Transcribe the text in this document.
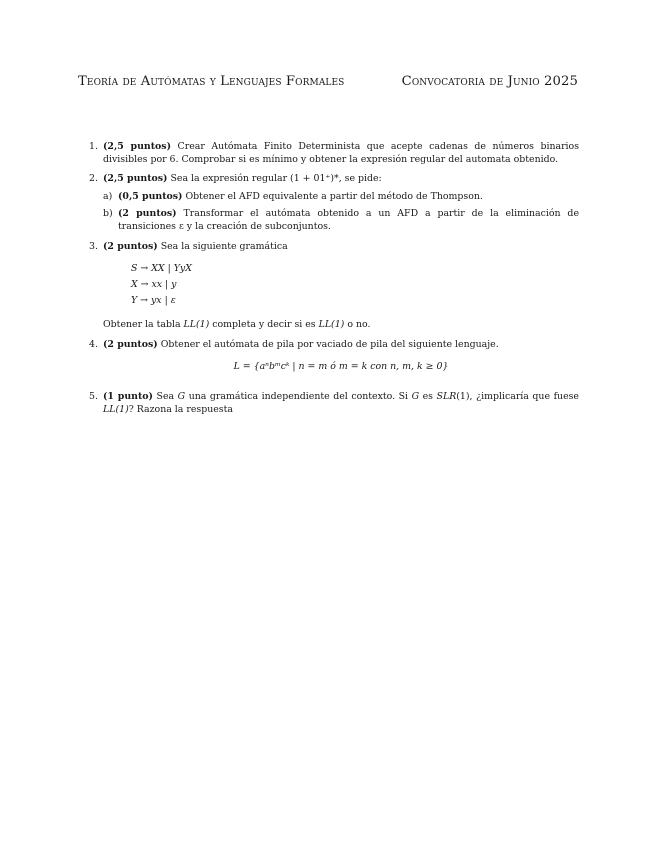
Teoría de Autómatas y Lenguajes Formales	Convocatoria de Junio 2025
1. (2,5 puntos) Crear Autómata Finito Determinista que acepte cadenas de números binarios divisibles por 6. Comprobar si es mínimo y obtener la expresión regular del automata obtenido.
2. (2,5 puntos) Sea la expresión regular (1 + 01⁺)*, se pide:
a) (0,5 puntos) Obtener el AFD equivalente a partir del método de Thompson.
b) (2 puntos) Transformar el autómata obtenido a un AFD a partir de la eliminación de transiciones ε y la creación de subconjuntos.
3. (2 puntos) Sea la siguiente gramática
S → XX | YyX
X → xx | y
Y → yx | ε
Obtener la tabla LL(1) completa y decir si es LL(1) o no.
4. (2 puntos) Obtener el autómata de pila por vaciado de pila del siguiente lenguaje.
L = {aⁿbᵐcᵏ | n = m ó m = k con n, m, k ≥ 0}
5. (1 punto) Sea G una gramática independiente del contexto. Si G es SLR(1), ¿implicaría que fuese LL(1)? Razona la respuesta
